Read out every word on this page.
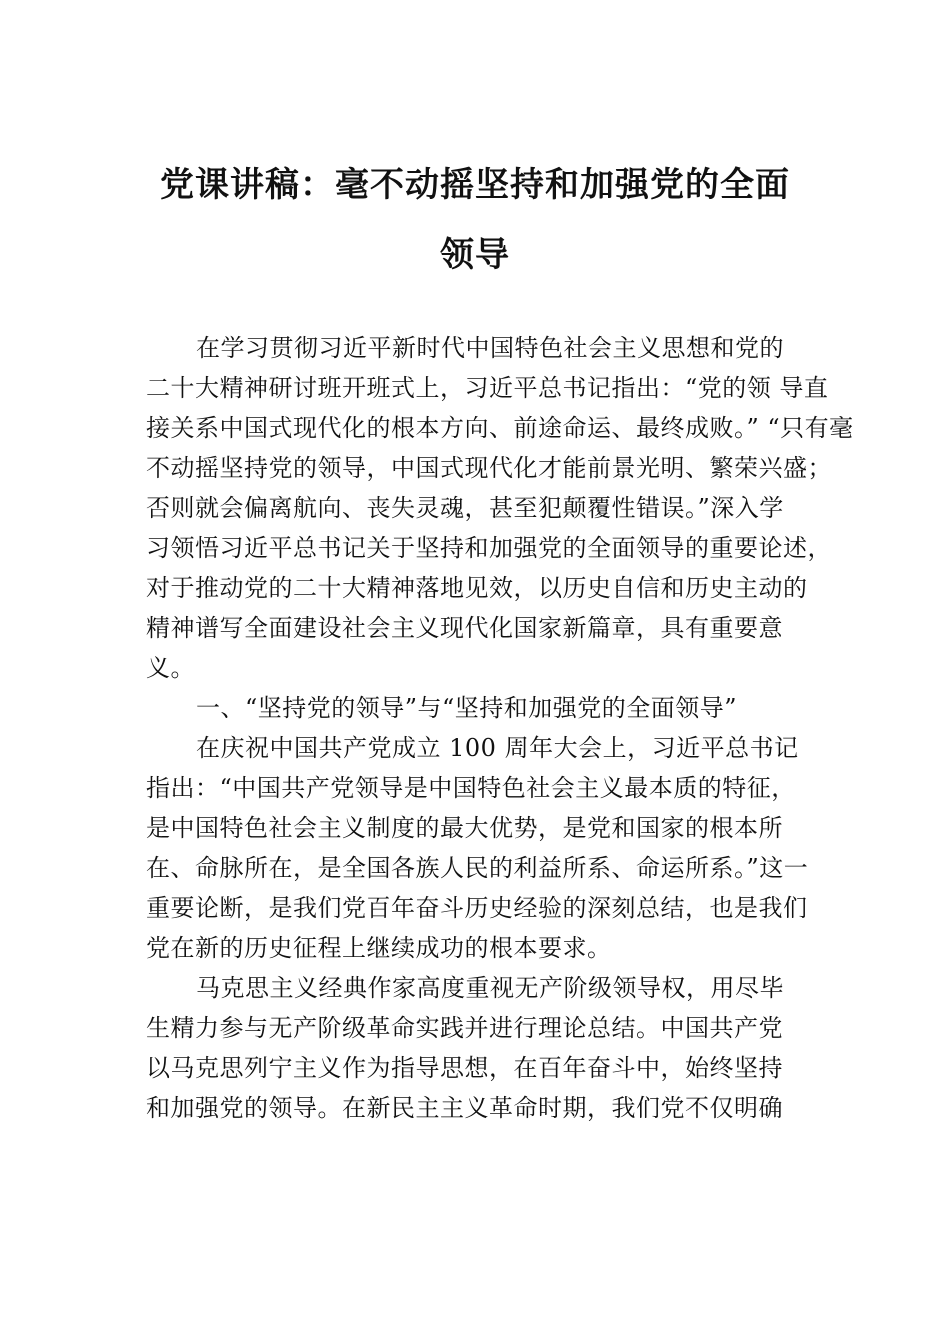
党课讲稿：毫不动摇坚持和加强党的全面
领导
在学习贯彻习近平新时代中国特色社会主义思想和党的
二十大精神研讨班开班式上，习近平总书记指出：“党的领 导直
接关系中国式现代化的根本方向、前途命运、最终成败。” “只有毫
不动摇坚持党的领导，中国式现代化才能前景光明、繁荣兴盛；
否则就会偏离航向、丧失灵魂，甚至犯颠覆性错误。”深入学
习领悟习近平总书记关于坚持和加强党的全面领导的重要论述，
对于推动党的二十大精神落地见效，以历史自信和历史主动的
精神谱写全面建设社会主义现代化国家新篇章，具有重要意
义。
一、“坚持党的领导”与“坚持和加强党的全面领导”
在庆祝中国共产党成立 100 周年大会上，习近平总书记
指出：“中国共产党领导是中国特色社会主义最本质的特征，
是中国特色社会主义制度的最大优势，是党和国家的根本所
在、命脉所在，是全国各族人民的利益所系、命运所系。”这一
重要论断，是我们党百年奋斗历史经验的深刻总结，也是我们
党在新的历史征程上继续成功的根本要求。
马克思主义经典作家高度重视无产阶级领导权，用尽毕
生精力参与无产阶级革命实践并进行理论总结。中国共产党
以马克思列宁主义作为指导思想，在百年奋斗中，始终坚持
和加强党的领导。在新民主主义革命时期，我们党不仅明确
